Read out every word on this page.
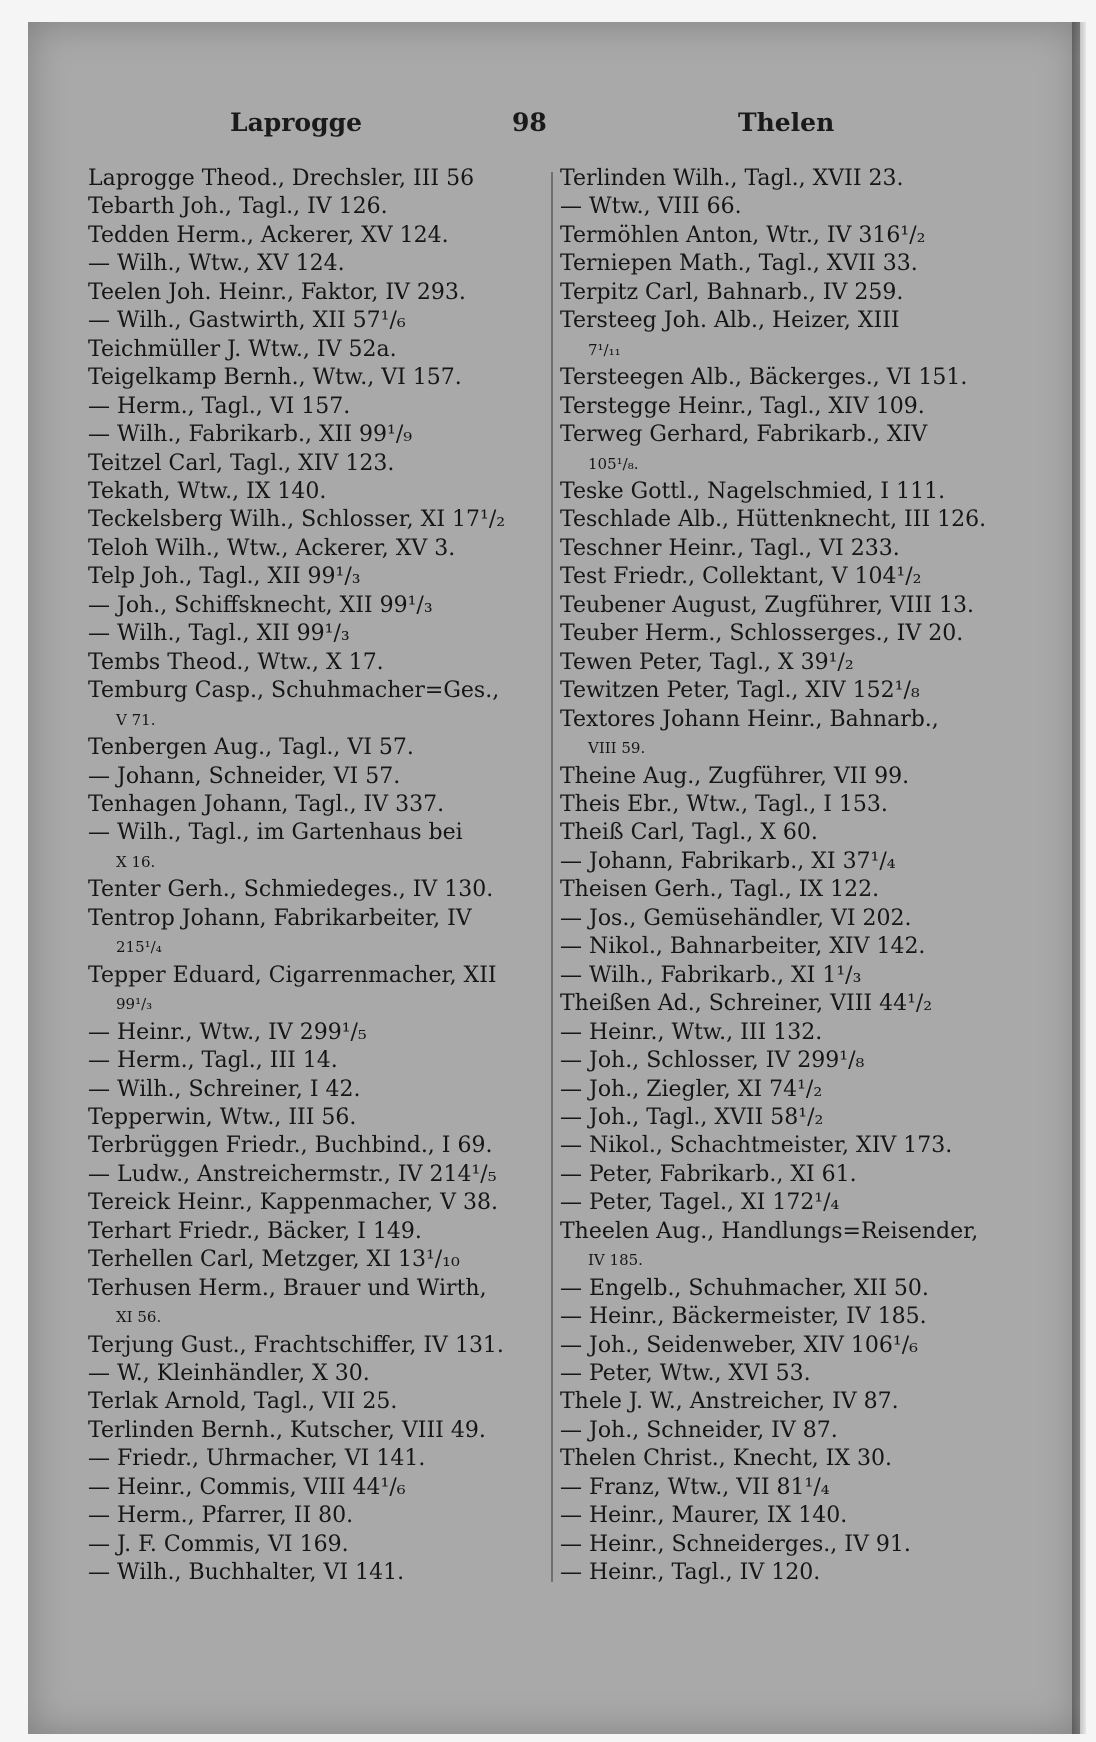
Laprogge	98	Thelen
Laprogge Theod., Drechsler, III 56
Tebarth Joh., Tagl., IV 126.
Tedden Herm., Ackerer, XV 124.
— Wilh., Wtw., XV 124.
Teelen Joh. Heinr., Faktor, IV 293.
— Wilh., Gastwirth, XII 57¹/₆
Teichmüller J. Wtw., IV 52a.
Teigelkamp Bernh., Wtw., VI 157.
— Herm., Tagl., VI 157.
— Wilh., Fabrikarb., XII 99¹/₉
Teitzel Carl, Tagl., XIV 123.
Tekath, Wtw., IX 140.
Teckelsberg Wilh., Schlosser, XI 17¹/₂
Teloh Wilh., Wtw., Ackerer, XV 3.
Telp Joh., Tagl., XII 99¹/₃
— Joh., Schiffsknecht, XII 99¹/₃
— Wilh., Tagl., XII 99¹/₃
Tembs Theod., Wtw., X 17.
Temburg Casp., Schuhmacher=Ges.,
V 71.
Tenbergen Aug., Tagl., VI 57.
— Johann, Schneider, VI 57.
Tenhagen Johann, Tagl., IV 337.
— Wilh., Tagl., im Gartenhaus bei
X 16.
Tenter Gerh., Schmiedeges., IV 130.
Tentrop Johann, Fabrikarbeiter, IV
215¹/₄
Tepper Eduard, Cigarrenmacher, XII
99¹/₃
— Heinr., Wtw., IV 299¹/₅
— Herm., Tagl., III 14.
— Wilh., Schreiner, I 42.
Tepperwin, Wtw., III 56.
Terbrüggen Friedr., Buchbind., I 69.
— Ludw., Anstreichermstr., IV 214¹/₅
Tereick Heinr., Kappenmacher, V 38.
Terhart Friedr., Bäcker, I 149.
Terhellen Carl, Metzger, XI 13¹/₁₀
Terhusen Herm., Brauer und Wirth,
XI 56.
Terjung Gust., Frachtschiffer, IV 131.
— W., Kleinhändler, X 30.
Terlak Arnold, Tagl., VII 25.
Terlinden Bernh., Kutscher, VIII 49.
— Friedr., Uhrmacher, VI 141.
— Heinr., Commis, VIII 44¹/₆
— Herm., Pfarrer, II 80.
— J. F. Commis, VI 169.
— Wilh., Buchhalter, VI 141.
Terlinden Wilh., Tagl., XVII 23.
— Wtw., VIII 66.
Termöhlen Anton, Wtr., IV 316¹/₂
Terniepen Math., Tagl., XVII 33.
Terpitz Carl, Bahnarb., IV 259.
Tersteeg Joh. Alb., Heizer, XIII
7¹/₁₁
Tersteegen Alb., Bäckerges., VI 151.
Terstegge Heinr., Tagl., XIV 109.
Terweg Gerhard, Fabrikarb., XIV
105¹/₈.
Teske Gottl., Nagelschmied, I 111.
Teschlade Alb., Hüttenknecht, III 126.
Teschner Heinr., Tagl., VI 233.
Test Friedr., Collektant, V 104¹/₂
Teubener August, Zugführer, VIII 13.
Teuber Herm., Schlosserges., IV 20.
Tewen Peter, Tagl., X 39¹/₂
Tewitzen Peter, Tagl., XIV 152¹/₈
Textores Johann Heinr., Bahnarb.,
VIII 59.
Theine Aug., Zugführer, VII 99.
Theis Ebr., Wtw., Tagl., I 153.
Theiß Carl, Tagl., X 60.
— Johann, Fabrikarb., XI 37¹/₄
Theisen Gerh., Tagl., IX 122.
— Jos., Gemüsehändler, VI 202.
— Nikol., Bahnarbeiter, XIV 142.
— Wilh., Fabrikarb., XI 1¹/₃
Theißen Ad., Schreiner, VIII 44¹/₂
— Heinr., Wtw., III 132.
— Joh., Schlosser, IV 299¹/₈
— Joh., Ziegler, XI 74¹/₂
— Joh., Tagl., XVII 58¹/₂
— Nikol., Schachtmeister, XIV 173.
— Peter, Fabrikarb., XI 61.
— Peter, Tagel., XI 172¹/₄
Theelen Aug., Handlungs=Reisender,
IV 185.
— Engelb., Schuhmacher, XII 50.
— Heinr., Bäckermeister, IV 185.
— Joh., Seidenweber, XIV 106¹/₆
— Peter, Wtw., XVI 53.
Thele J. W., Anstreicher, IV 87.
— Joh., Schneider, IV 87.
Thelen Christ., Knecht, IX 30.
— Franz, Wtw., VII 81¹/₄
— Heinr., Maurer, IX 140.
— Heinr., Schneiderges., IV 91.
— Heinr., Tagl., IV 120.
